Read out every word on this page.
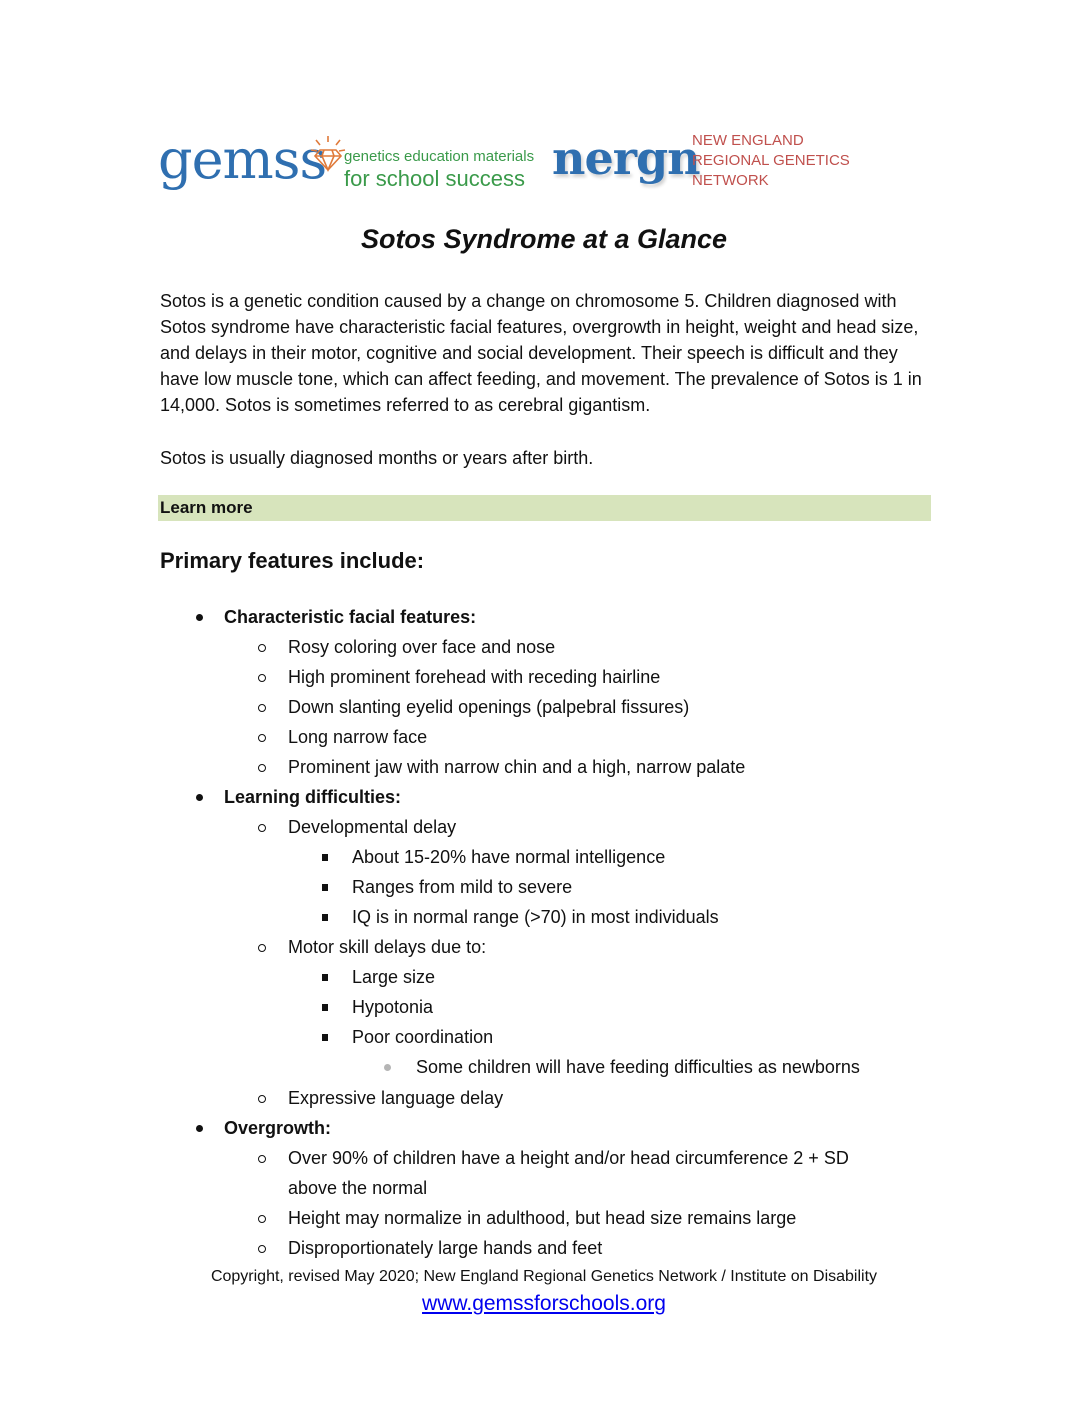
gemss genetics education materials
for school success nergn
NEW ENGLAND
REGIONAL GENETICS
NETWORK
Sotos Syndrome at a Glance
Sotos is a genetic condition caused by a change on chromosome 5. Children diagnosed with Sotos syndrome have characteristic facial features, overgrowth in height, weight and head size, and delays in their motor, cognitive and social development. Their speech is difficult and they have low muscle tone, which can affect feeding, and movement. The prevalence of Sotos is 1 in 14,000. Sotos is sometimes referred to as cerebral gigantism.
Sotos is usually diagnosed months or years after birth.
Learn more
Primary features include:
Characteristic facial features:
Rosy coloring over face and nose
High prominent forehead with receding hairline
Down slanting eyelid openings (palpebral fissures)
Long narrow face
Prominent jaw with narrow chin and a high, narrow palate
Learning difficulties:
Developmental delay
About 15-20% have normal intelligence
Ranges from mild to severe
IQ is in normal range (>70) in most individuals
Motor skill delays due to:
Large size
Hypotonia
Poor coordination
Some children will have feeding difficulties as newborns
Expressive language delay
Overgrowth:
Over 90% of children have a height and/or head circumference 2 + SD
above the normal
Height may normalize in adulthood, but head size remains large
Disproportionately large hands and feet
Copyright, revised May 2020; New England Regional Genetics Network / Institute on Disability
www.gemssforschools.org
